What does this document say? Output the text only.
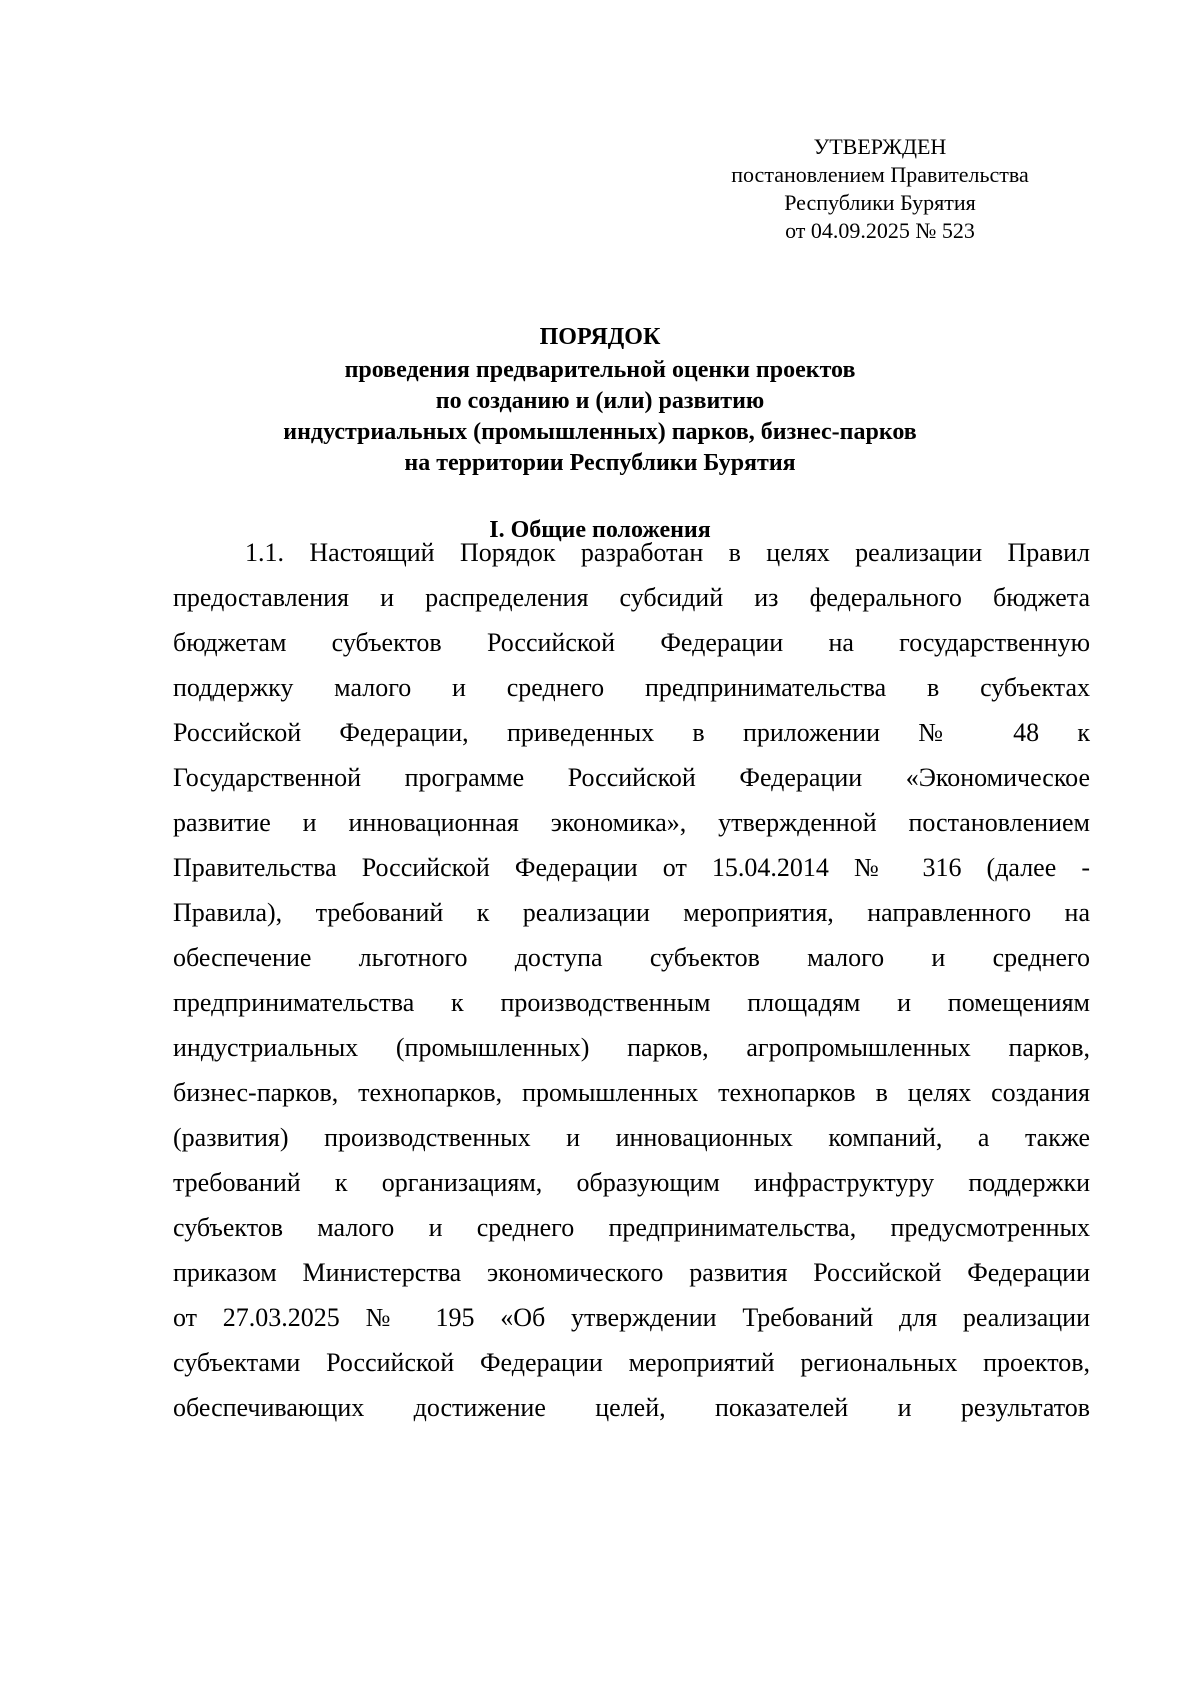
УТВЕРЖДЕН
постановлением Правительства
Республики Бурятия
от 04.09.2025 № 523
ПОРЯДОК
проведения предварительной оценки проектов
по созданию и (или) развитию
индустриальных (промышленных) парков, бизнес-парков
на территории Республики Бурятия
I. Общие положения
1.1. Настоящий Порядок разработан в целях реализации Правил
предоставления и распределения субсидий из федерального бюджета
бюджетам субъектов Российской Федерации на государственную
поддержку малого и среднего предпринимательства в субъектах
Российской Федерации, приведенных в приложении № 48 к
Государственной программе Российской Федерации «Экономическое
развитие и инновационная экономика», утвержденной постановлением
Правительства Российской Федерации от 15.04.2014 № 316 (далее -
Правила), требований к реализации мероприятия, направленного на
обеспечение льготного доступа субъектов малого и среднего
предпринимательства к производственным площадям и помещениям
индустриальных (промышленных) парков, агропромышленных парков,
бизнес-парков, технопарков, промышленных технопарков в целях создания
(развития) производственных и инновационных компаний, а также
требований к организациям, образующим инфраструктуру поддержки
субъектов малого и среднего предпринимательства, предусмотренных
приказом Министерства экономического развития Российской Федерации
от 27.03.2025 № 195 «Об утверждении Требований для реализации
субъектами Российской Федерации мероприятий региональных проектов,
обеспечивающих достижение целей, показателей и результатов
